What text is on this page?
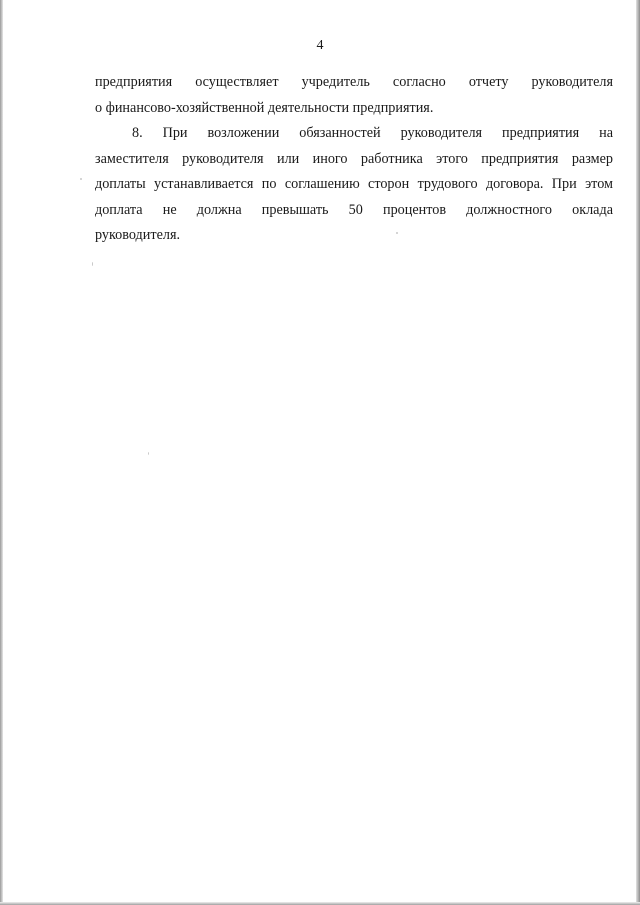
4
предприятия осуществляет учредитель согласно отчету руководителя
о финансово-хозяйственной деятельности предприятия.
8. При возложении обязанностей руководителя предприятия на
заместителя руководителя или иного работника этого предприятия размер
доплаты устанавливается по соглашению сторон трудового договора. При этом
доплата не должна превышать 50 процентов должностного оклада
руководителя.
